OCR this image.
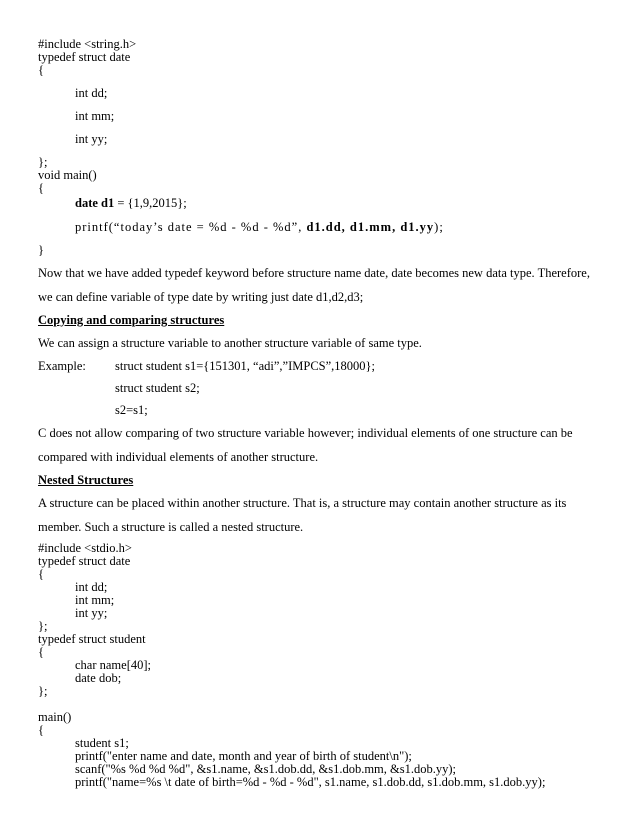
#include <string.h>
typedef struct date
{
int dd;
int mm;
int yy;
};
void main()
{
date d1 = {1,9,2015};
printf(“today’s date = %d - %d - %d”, d1.dd, d1.mm, d1.yy);
}
Now that we have added typedef keyword before structure name date, date becomes new data type. Therefore,
we can define variable of type date by writing just date d1,d2,d3;
Copying and comparing structures
We can assign a structure variable to another structure variable of same type.
Example: struct student s1={151301, “adi”,”IMPCS”,18000};
struct student s2;
s2=s1;
C does not allow comparing of two structure variable however; individual elements of one structure can be
compared with individual elements of another structure.
Nested Structures
A structure can be placed within another structure. That is, a structure may contain another structure as its
member. Such a structure is called a nested structure.
#include <stdio.h>
typedef struct date
{
int dd;
int mm;
int yy;
};
typedef struct student
{
char name[40];
date dob;
};
main()
{
student s1;
printf("enter name and date, month and year of birth of student\n");
scanf("%s %d %d %d", &s1.name, &s1.dob.dd, &s1.dob.mm, &s1.dob.yy);
printf("name=%s \t date of birth=%d - %d - %d", s1.name, s1.dob.dd, s1.dob.mm, s1.dob.yy);
